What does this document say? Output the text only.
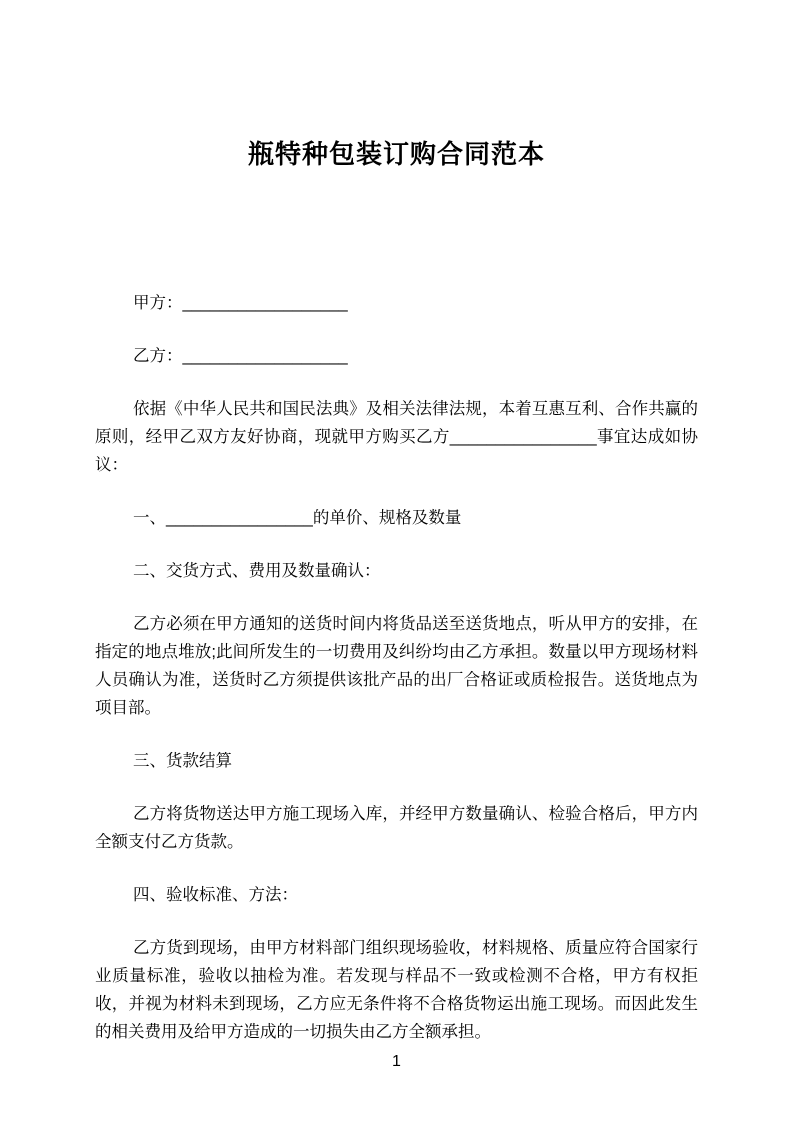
瓶特种包装订购合同范本

甲方：__________________

乙方：__________________

依据《中华人民共和国民法典》及相关法律法规，本着互惠互利、合作共赢的原则，经甲乙双方友好协商，现就甲方购买乙方________________事宜达成如协议：

一、________________的单价、规格及数量

二、交货方式、费用及数量确认：

乙方必须在甲方通知的送货时间内将货品送至送货地点，听从甲方的安排，在指定的地点堆放;此间所发生的一切费用及纠纷均由乙方承担。数量以甲方现场材料人员确认为准，送货时乙方须提供该批产品的出厂合格证或质检报告。送货地点为项目部。

三、货款结算

乙方将货物送达甲方施工现场入库，并经甲方数量确认、检验合格后，甲方内全额支付乙方货款。

四、验收标准、方法：

乙方货到现场，由甲方材料部门组织现场验收，材料规格、质量应符合国家行业质量标准，验收以抽检为准。若发现与样品不一致或检测不合格，甲方有权拒收，并视为材料未到现场，乙方应无条件将不合格货物运出施工现场。而因此发生的相关费用及给甲方造成的一切损失由乙方全额承担。

1
